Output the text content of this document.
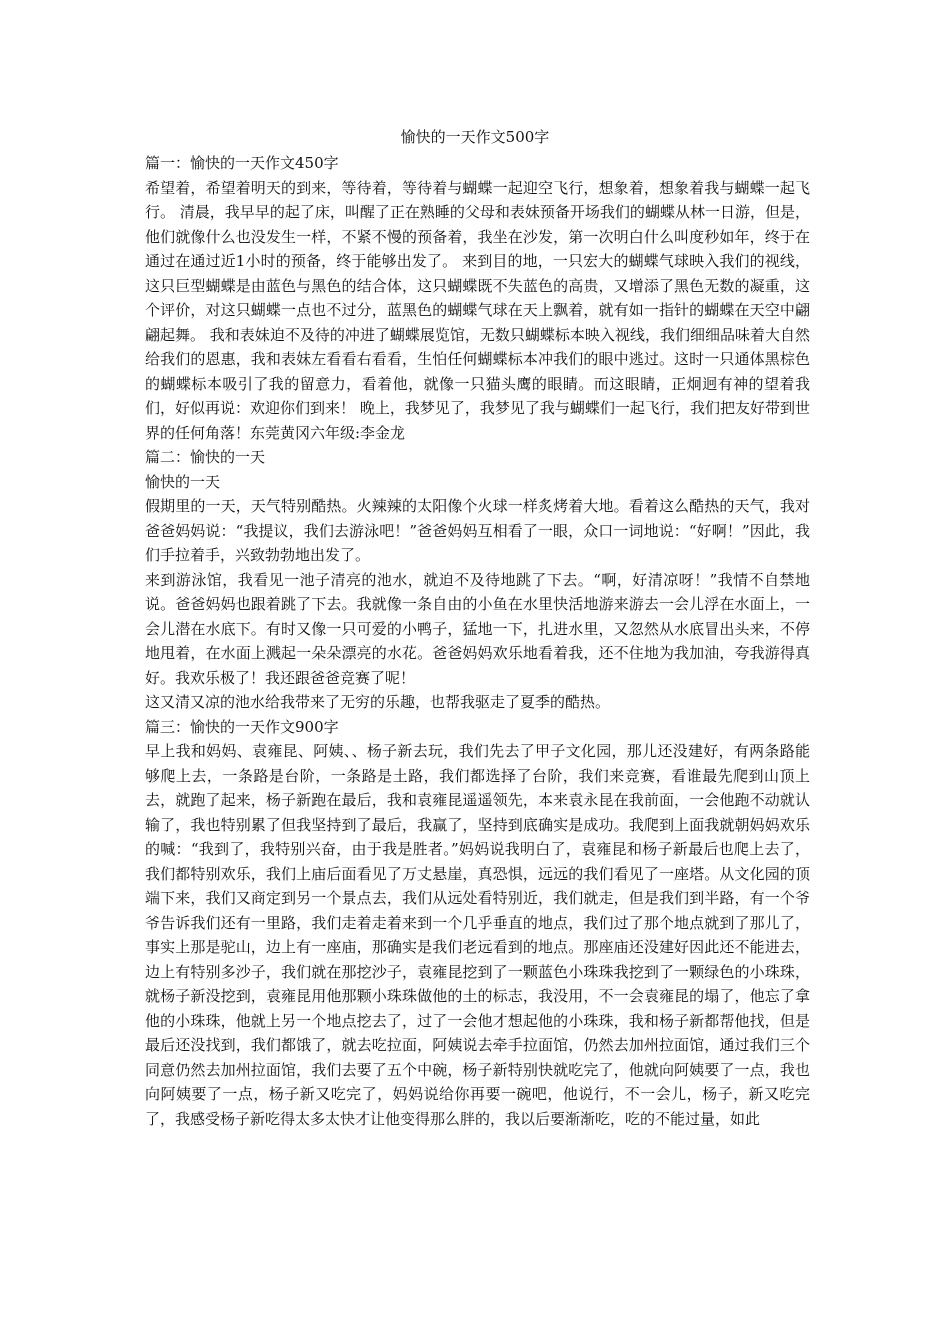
愉快的一天作文500字

篇一：愉快的一天作文450字

希望着，希望着明天的到来，等待着，等待着与蝴蝶一起迎空飞行，想象着，想象着我与蝴蝶一起飞行。 清晨，我早早的起了床，叫醒了正在熟睡的父母和表妹预备开场我们的蝴蝶从林一日游，但是，他们就像什么也没发生一样，不紧不慢的预备着，我坐在沙发，第一次明白什么叫度秒如年，终于在通过在通过近1小时的预备，终于能够出发了。 来到目的地，一只宏大的蝴蝶气球映入我们的视线，这只巨型蝴蝶是由蓝色与黑色的结合体，这只蝴蝶既不失蓝色的高贵，又增添了黑色无数的凝重，这个评价，对这只蝴蝶一点也不过分，蓝黑色的蝴蝶气球在天上飘着，就有如一指针的蝴蝶在天空中翩翩起舞。 我和表妹迫不及待的冲进了蝴蝶展览馆，无数只蝴蝶标本映入视线，我们细细品味着大自然给我们的恩惠，我和表妹左看看右看看，生怕任何蝴蝶标本冲我们的眼中逃过。这时一只通体黑棕色的蝴蝶标本吸引了我的留意力，看着他，就像一只猫头鹰的眼睛。而这眼睛，正炯迥有神的望着我们，好似再说：欢迎你们到来！ 晚上，我梦见了，我梦见了我与蝴蝶们一起飞行，我们把友好带到世界的任何角落！东莞黄冈六年级:李金龙

篇二：愉快的一天

愉快的一天

假期里的一天，天气特别酷热。火辣辣的太阳像个火球一样炙烤着大地。看着这么酷热的天气，我对爸爸妈妈说：“我提议，我们去游泳吧！”爸爸妈妈互相看了一眼，众口一词地说：“好啊！”因此，我们手拉着手，兴致勃勃地出发了。

来到游泳馆，我看见一池子清亮的池水，就迫不及待地跳了下去。“啊，好清凉呀！”我情不自禁地说。爸爸妈妈也跟着跳了下去。我就像一条自由的小鱼在水里快活地游来游去一会儿浮在水面上，一会儿潜在水底下。有时又像一只可爱的小鸭子，猛地一下，扎进水里，又忽然从水底冒出头来，不停地甩着，在水面上溅起一朵朵漂亮的水花。爸爸妈妈欢乐地看着我，还不住地为我加油，夸我游得真好。我欢乐极了！我还跟爸爸竞赛了呢！

这又清又凉的池水给我带来了无穷的乐趣，也帮我驱走了夏季的酷热。

篇三：愉快的一天作文900字

早上我和妈妈、袁雍昆、阿姨、、杨子新去玩，我们先去了甲子文化园，那儿还没建好，有两条路能够爬上去，一条路是台阶，一条路是土路，我们都选择了台阶，我们来竞赛，看谁最先爬到山顶上去，就跑了起来，杨子新跑在最后，我和袁雍昆遥遥领先，本来袁永昆在我前面，一会他跑不动就认输了，我也特别累了但我坚持到了最后，我赢了，坚持到底确实是成功。我爬到上面我就朝妈妈欢乐的喊：“我到了，我特别兴奋，由于我是胜者。”妈妈说我明白了，袁雍昆和杨子新最后也爬上去了，我们都特别欢乐，我们上庙后面看见了万丈悬崖，真恐惧，远远的我们看见了一座塔。从文化园的顶端下来，我们又商定到另一个景点去，我们从远处看特别近，我们就走，但是我们到半路，有一个爷爷告诉我们还有一里路，我们走着走着来到一个几乎垂直的地点，我们过了那个地点就到了那儿了，事实上那是驼山，边上有一座庙，那确实是我们老远看到的地点。那座庙还没建好因此还不能进去，边上有特别多沙子，我们就在那挖沙子，袁雍昆挖到了一颗蓝色小珠珠我挖到了一颗绿色的小珠珠，就杨子新没挖到，袁雍昆用他那颗小珠珠做他的土的标志，我没用，不一会袁雍昆的塌了，他忘了拿他的小珠珠，他就上另一个地点挖去了，过了一会他才想起他的小珠珠，我和杨子新都帮他找，但是最后还没找到，我们都饿了，就去吃拉面，阿姨说去牵手拉面馆，仍然去加州拉面馆，通过我们三个同意仍然去加州拉面馆，我们去要了五个中碗，杨子新特别快就吃完了，他就向阿姨要了一点，我也向阿姨要了一点，杨子新又吃完了，妈妈说给你再要一碗吧，他说行，不一会儿，杨子，新又吃完了，我感受杨子新吃得太多太快才让他变得那么胖的，我以后要渐渐吃，吃的不能过量，如此
